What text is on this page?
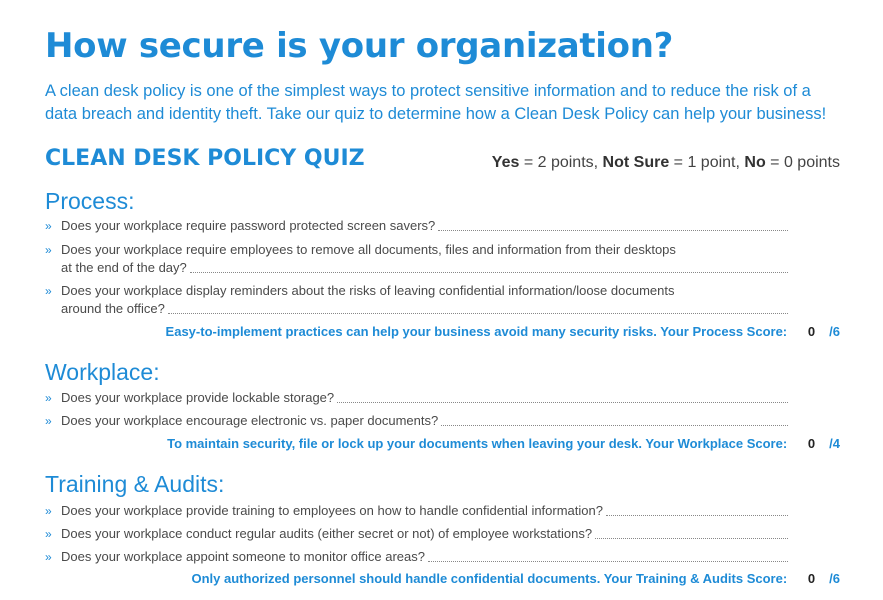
How secure is your organization?

A clean desk policy is one of the simplest ways to protect sensitive information and to reduce the risk of a data breach and identity theft. Take our quiz to determine how a Clean Desk Policy can help your business!

CLEAN DESK POLICY QUIZ	Yes = 2 points, Not Sure = 1 point, No = 0 points
Process:
» Does your workplace require password protected screen savers?
» Does your workplace require employees to remove all documents, files and information from their desktops
at the end of the day?
» Does your workplace display reminders about the risks of leaving confidential information/loose documents
around the office?
Easy-to-implement practices can help your business avoid many security risks. Your Process Score: 0 /6
Workplace:
» Does your workplace provide lockable storage?
» Does your workplace encourage electronic vs. paper documents?
To maintain security, file or lock up your documents when leaving your desk. Your Workplace Score: 0 /4
Training & Audits:
» Does your workplace provide training to employees on how to handle confidential information?
» Does your workplace conduct regular audits (either secret or not) of employee workstations?
» Does your workplace appoint someone to monitor office areas?
Only authorized personnel should handle confidential documents. Your Training & Audits Score: 0 /6
